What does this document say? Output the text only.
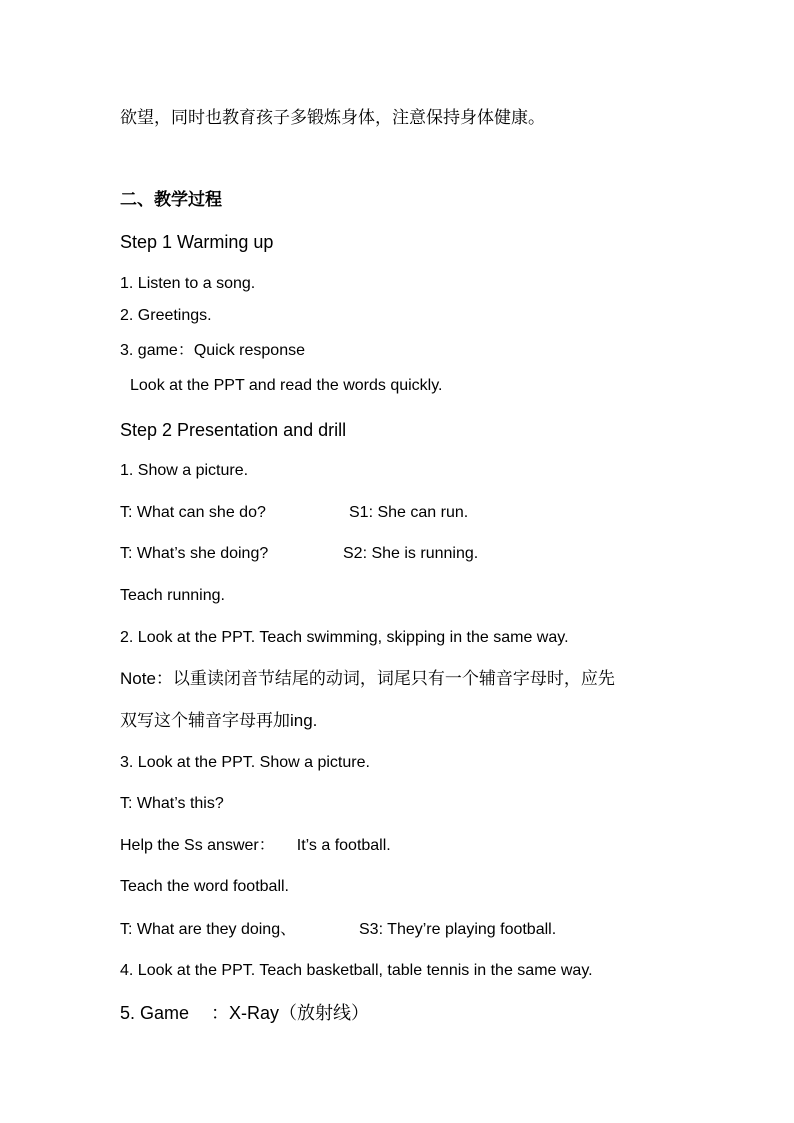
欲望，同时也教育孩子多锻炼身体，注意保持身体健康。
二、教学过程
Step 1 Warming up
1. Listen to a song.
2. Greetings.
3. game：Quick response
Look at the PPT and read the words quickly.
Step 2 Presentation and drill
1. Show a picture.
T: What can she do?	S1: She can run.
T: What’s she doing?	S2: She is running.
Teach running.
2. Look at the PPT. Teach swimming, skipping in the same way.
Note：以重读闭音节结尾的动词，词尾只有一个辅音字母时，应先
双写这个辅音字母再加ing.
3. Look at the PPT. Show a picture.
T: What’s this?
Help the Ss answer： It’s a football.
Teach the word football.
T: What are they doing、	S3: They’re playing football.
4. Look at the PPT. Teach basketball, table tennis in the same way.
5. Game ：X-Ray（放射线）
